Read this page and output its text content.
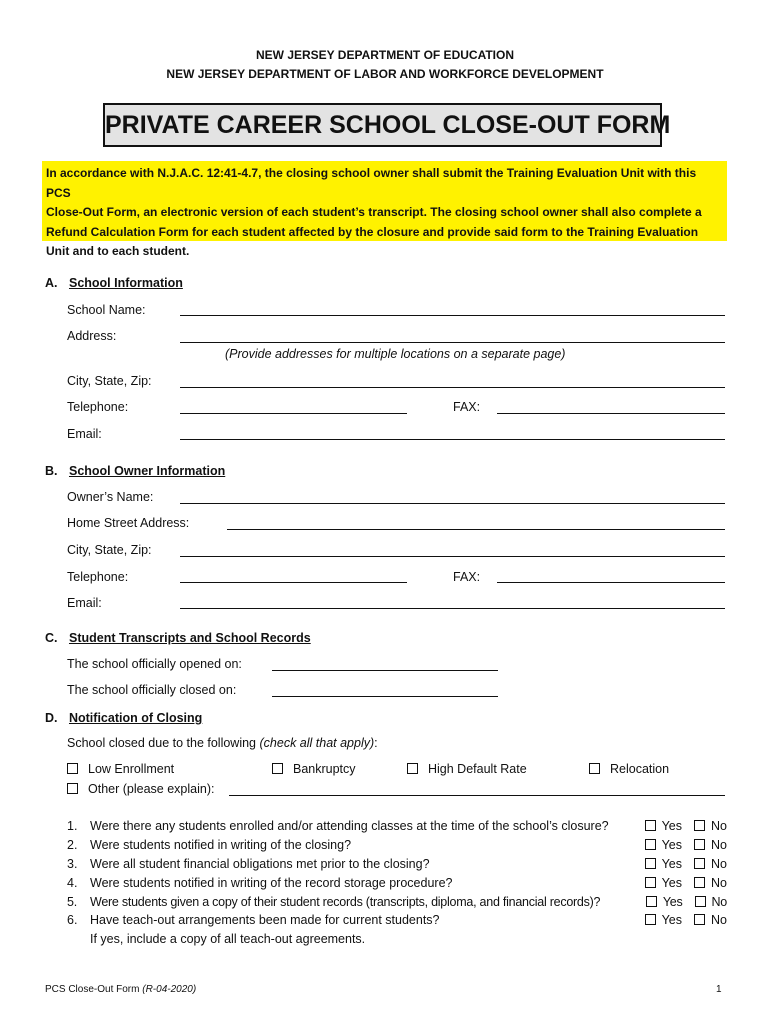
NEW JERSEY DEPARTMENT OF EDUCATION
NEW JERSEY DEPARTMENT OF LABOR AND WORKFORCE DEVELOPMENT
PRIVATE CAREER SCHOOL CLOSE-OUT FORM
In accordance with N.J.A.C. 12:41-4.7, the closing school owner shall submit the Training Evaluation Unit with this PCS
Close-Out Form, an electronic version of each student’s transcript. The closing school owner shall also complete a
Refund Calculation Form for each student affected by the closure and provide said form to the Training Evaluation
Unit and to each student.
A. School Information
School Name:
Address:
(Provide addresses for multiple locations on a separate page)
City, State, Zip:
Telephone:	FAX:
Email:
B. School Owner Information
Owner’s Name:
Home Street Address:
City, State, Zip:
Telephone:	FAX:
Email:
C. Student Transcripts and School Records
The school officially opened on:
The school officially closed on:
D. Notification of Closing
School closed due to the following (check all that apply):
Low Enrollment	Bankruptcy	High Default Rate	Relocation
Other (please explain):
1. Were there any students enrolled and/or attending classes at the time of the school’s closure?	Yes No
2. Were students notified in writing of the closing?	Yes No
3. Were all student financial obligations met prior to the closing?	Yes No
4. Were students notified in writing of the record storage procedure?	Yes No
5. Were students given a copy of their student records (transcripts, diploma, and financial records)?	Yes No
6. Have teach-out arrangements been made for current students?	Yes No
If yes, include a copy of all teach-out agreements.
PCS Close-Out Form (R-04-2020)	1
